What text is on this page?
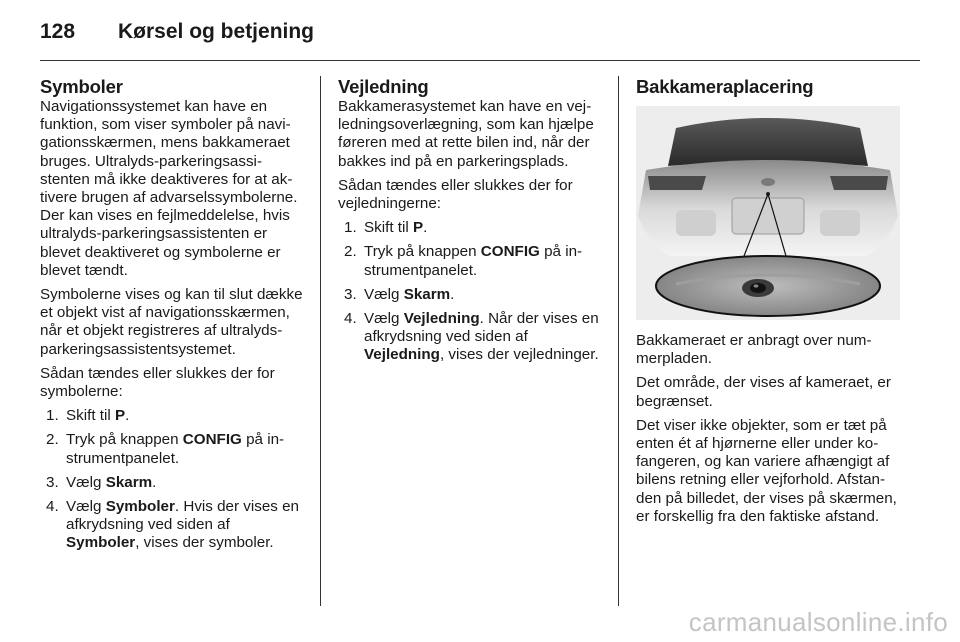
128 Kørsel og betjening
Symboler

Navigationssystemet kan have en funktion, som viser symboler på navigationsskærmen, mens bakkameraet bruges. Ultralyds-parkeringsassistenten må ikke deaktiveres for at aktivere brugen af advarselssymbolerne. Der kan vises en fejlmeddelelse, hvis ultralyds-parkeringsassistenten er blevet deaktiveret og symbolerne er blevet tændt.

Symbolerne vises og kan til slut dække et objekt vist af navigationsskærmen, når et objekt registreres af ultralyds-parkeringsassistentsystemet.

Sådan tændes eller slukkes der for symbolerne:

1. Skift til P.
2. Tryk på knappen CONFIG på instrumentpanelet.
3. Vælg Skarm.
4. Vælg Symboler. Hvis der vises en afkrydsning ved siden af Symboler, vises der symboler.
Vejledning

Bakkamerasystemet kan have en vejledningsoverlægning, som kan hjælpe føreren med at rette bilen ind, når der bakkes ind på en parkeringsplads.

Sådan tændes eller slukkes der for vejledningerne:

1. Skift til P.
2. Tryk på knappen CONFIG på instrumentpanelet.
3. Vælg Skarm.
4. Vælg Vejledning. Når der vises en afkrydsning ved siden af Vejledning, vises der vejledninger.
Bakkameraplacering

Bakkameraet er anbragt over nummerpladen.

Det område, der vises af kameraet, er begrænset.

Det viser ikke objekter, som er tæt på enten ét af hjørnerne eller under kofangeren, og kan variere afhængigt af bilens retning eller vejforhold. Afstanden på billedet, der vises på skærmen, er forskellig fra den faktiske afstand.

carmanualsonline.info
